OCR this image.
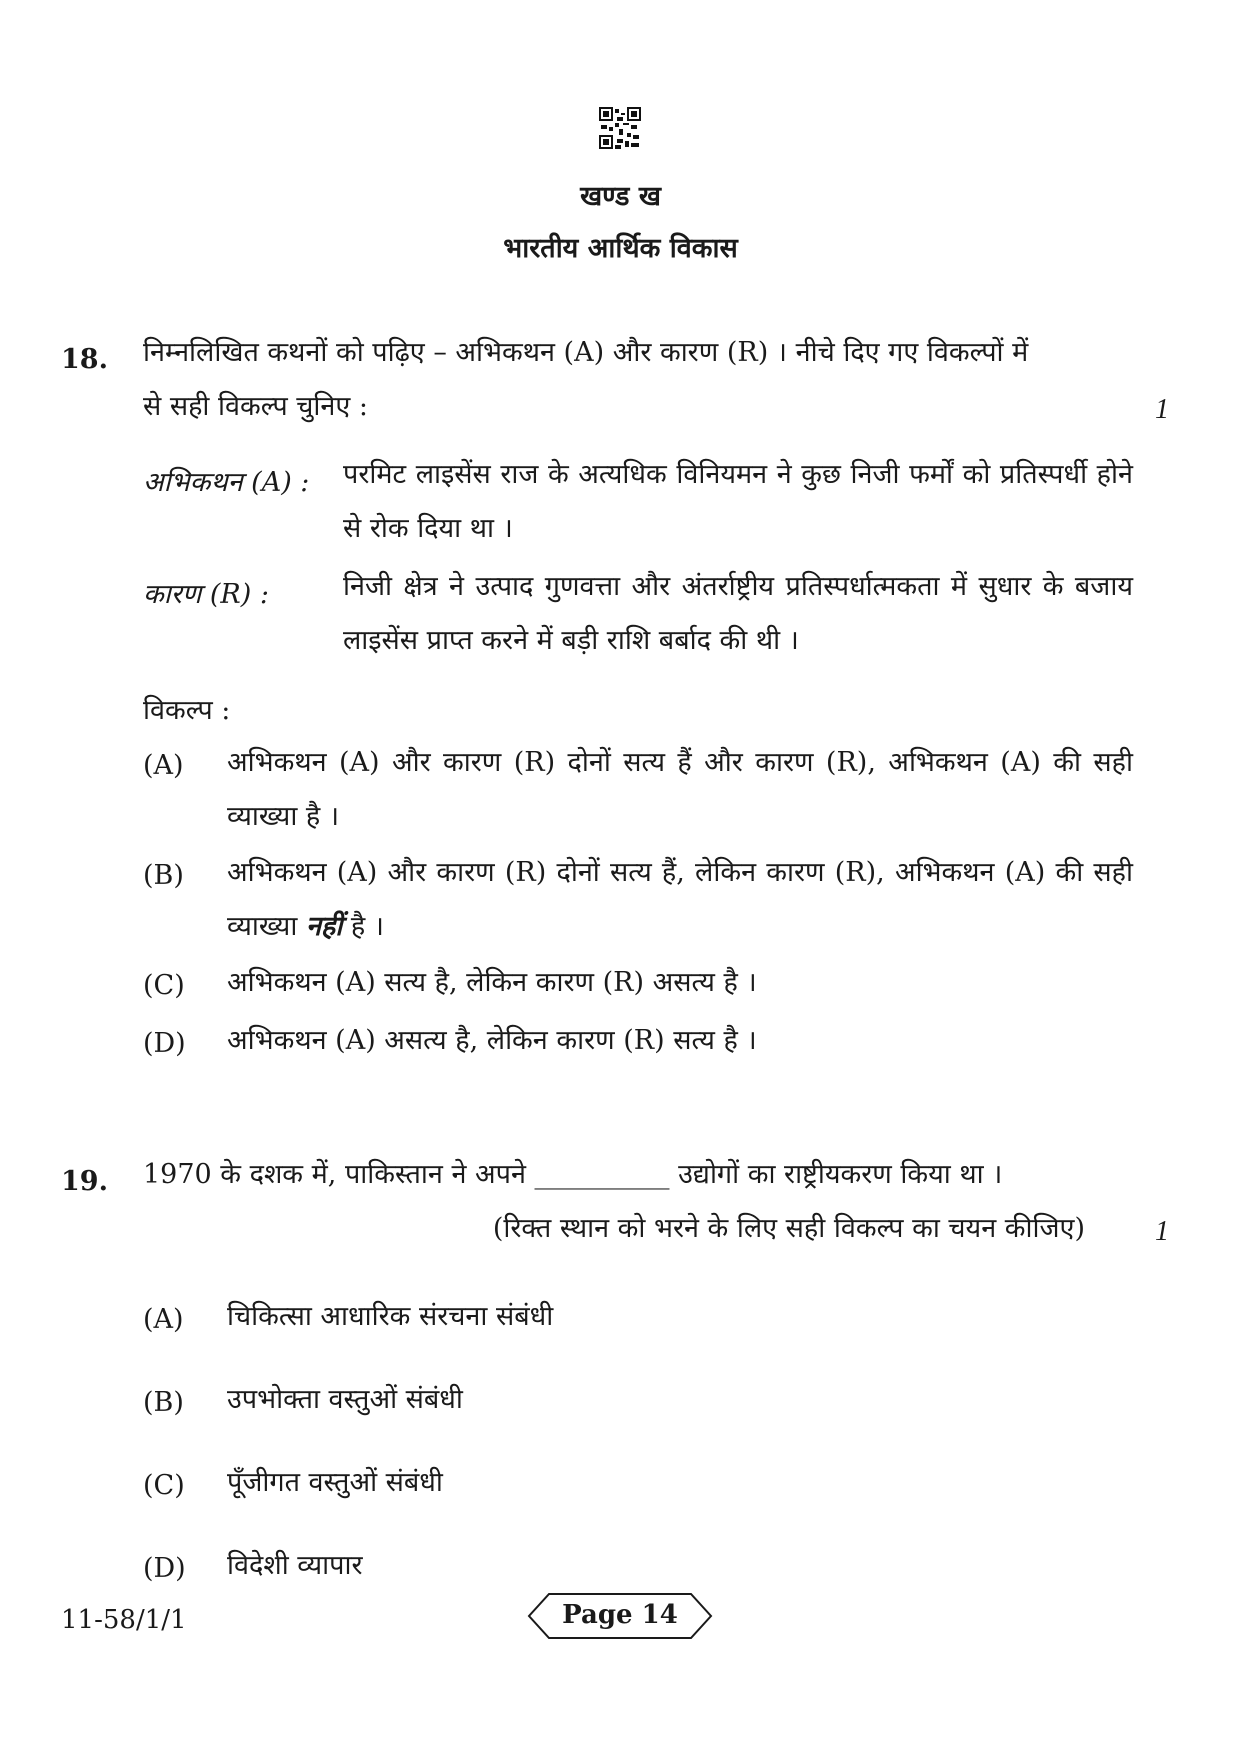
खण्ड ख
भारतीय आर्थिक विकास
18. निम्नलिखित कथनों को पढ़िए – अभिकथन (A) और कारण (R) । नीचे दिए गए विकल्पों में
से सही विकल्प चुनिए :	1
अभिकथन (A) : परमिट लाइसेंस राज के अत्यधिक विनियमन ने कुछ निजी फर्मों को प्रतिस्पर्धी होने से रोक दिया था ।
कारण (R) :	निजी क्षेत्र ने उत्पाद गुणवत्ता और अंतर्राष्ट्रीय प्रतिस्पर्धात्मकता में सुधार के बजाय लाइसेंस प्राप्त करने में बड़ी राशि बर्बाद की थी ।
विकल्प :
(A) अभिकथन (A) और कारण (R) दोनों सत्य हैं और कारण (R), अभिकथन (A) की सही व्याख्या है ।
(B) अभिकथन (A) और कारण (R) दोनों सत्य हैं, लेकिन कारण (R), अभिकथन (A) की सही व्याख्या नहीं है ।
(C) अभिकथन (A) सत्य है, लेकिन कारण (R) असत्य है ।
(D) अभिकथन (A) असत्य है, लेकिन कारण (R) सत्य है ।
19. 1970 के दशक में, पाकिस्तान ने अपने __________ उद्योगों का राष्ट्रीयकरण किया था ।
(रिक्त स्थान को भरने के लिए सही विकल्प का चयन कीजिए)	1
(A) चिकित्सा आधारिक संरचना संबंधी
(B) उपभोक्ता वस्तुओं संबंधी
(C) पूँजीगत वस्तुओं संबंधी
(D) विदेशी व्यापार
11-58/1/1	Page 14
